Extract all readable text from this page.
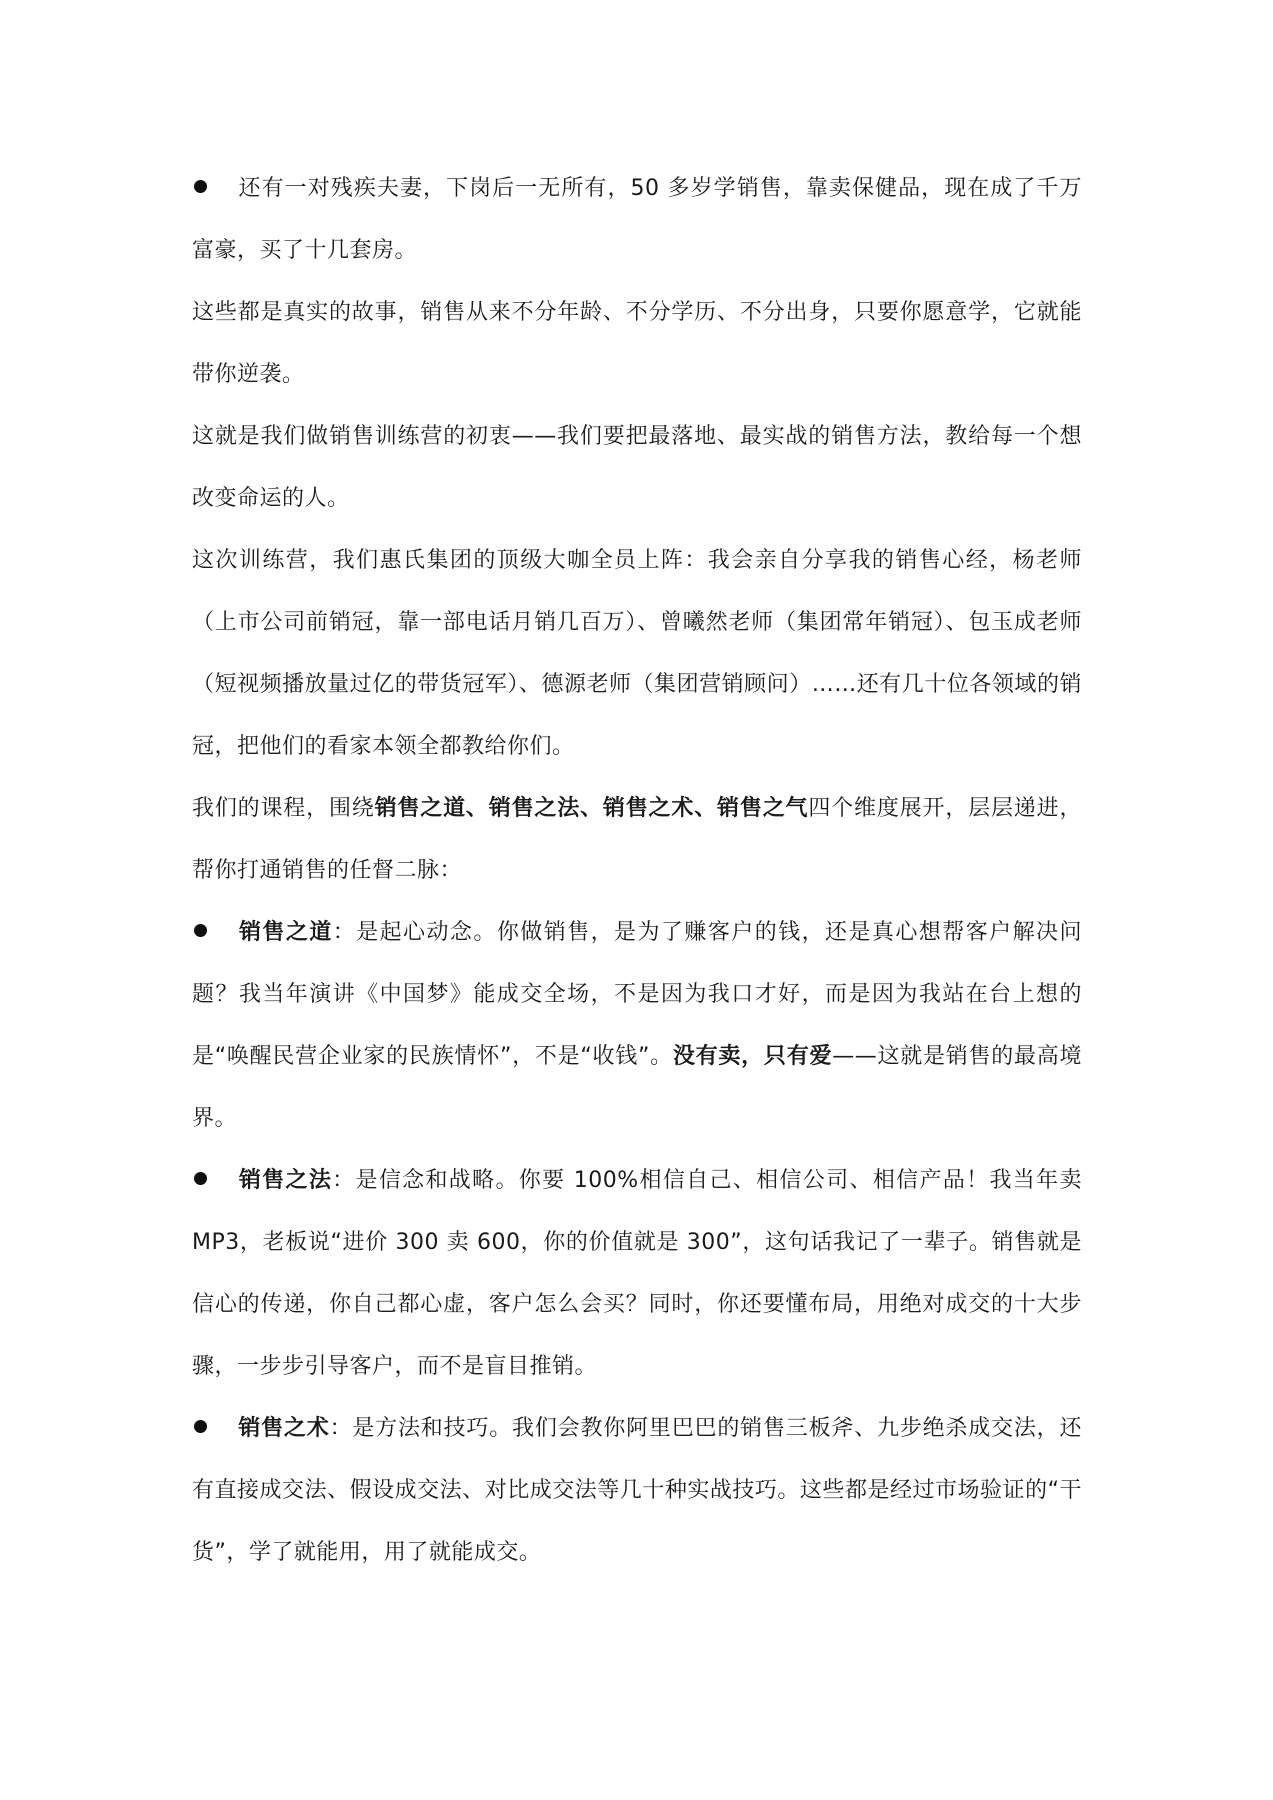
还有一对残疾夫妻，下岗后一无所有，50 多岁学销售，靠卖保健品，现在成了千万富豪，买了十几套房。

这些都是真实的故事，销售从来不分年龄、不分学历、不分出身，只要你愿意学，它就能带你逆袭。

这就是我们做销售训练营的初衷——我们要把最落地、最实战的销售方法，教给每一个想改变命运的人。

这次训练营，我们惠氏集团的顶级大咖全员上阵：我会亲自分享我的销售心经，杨老师（上市公司前销冠，靠一部电话月销几百万）、曾曦然老师（集团常年销冠）、包玉成老师（短视频播放量过亿的带货冠军）、德源老师（集团营销顾问）……还有几十位各领域的销冠，把他们的看家本领全都教给你们。

我们的课程，围绕销售之道、销售之法、销售之术、销售之气四个维度展开，层层递进，帮你打通销售的任督二脉：

销售之道：是起心动念。你做销售，是为了赚客户的钱，还是真心想帮客户解决问题？我当年演讲《中国梦》能成交全场，不是因为我口才好，而是因为我站在台上想的是“唤醒民营企业家的民族情怀”，不是“收钱”。没有卖，只有爱——这就是销售的最高境界。

销售之法：是信念和战略。你要 100%相信自己、相信公司、相信产品！我当年卖 MP3，老板说“进价 300 卖 600，你的价值就是 300”，这句话我记了一辈子。销售就是信心的传递，你自己都心虚，客户怎么会买？同时，你还要懂布局，用绝对成交的十大步骤，一步步引导客户，而不是盲目推销。

销售之术：是方法和技巧。我们会教你阿里巴巴的销售三板斧、九步绝杀成交法，还有直接成交法、假设成交法、对比成交法等几十种实战技巧。这些都是经过市场验证的“干货”，学了就能用，用了就能成交。
